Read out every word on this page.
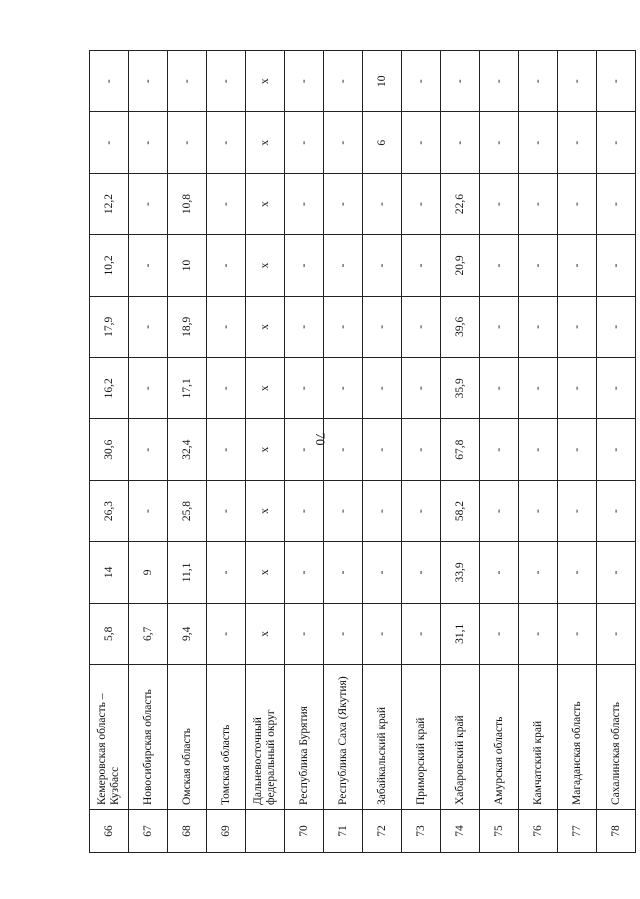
70
66	Кемеровская область – Кузбасс	5,8	14	26,3	30,6	16,2	17,9	10,2	12,2	-	-
67	Новосибирская область	6,7	9	-	-	-	-	-	-	-	-
68	Омская область	9,4	11,1	25,8	32,4	17,1	18,9	10	10,8	-	-
69	Томская область	-	-	-	-	-	-	-	-	-	-
	Дальневосточный федеральный округ	x	x	x	x	x	x	x	x	x	x
70	Республика Бурятия	-	-	-	-	-	-	-	-	-	-
71	Республика Саха (Якутия)	-	-	-	-	-	-	-	-	-	-
72	Забайкальский край	-	-	-	-	-	-	-	-	6	10
73	Приморский край	-	-	-	-	-	-	-	-	-	-
74	Хабаровский край	31,1	33,9	58,2	67,8	35,9	39,6	20,9	22,6	-	-
75	Амурская область	-	-	-	-	-	-	-	-	-	-
76	Камчатский край	-	-	-	-	-	-	-	-	-	-
77	Магаданская область	-	-	-	-	-	-	-	-	-	-
78	Сахалинская область	-	-	-	-	-	-	-	-	-	-
